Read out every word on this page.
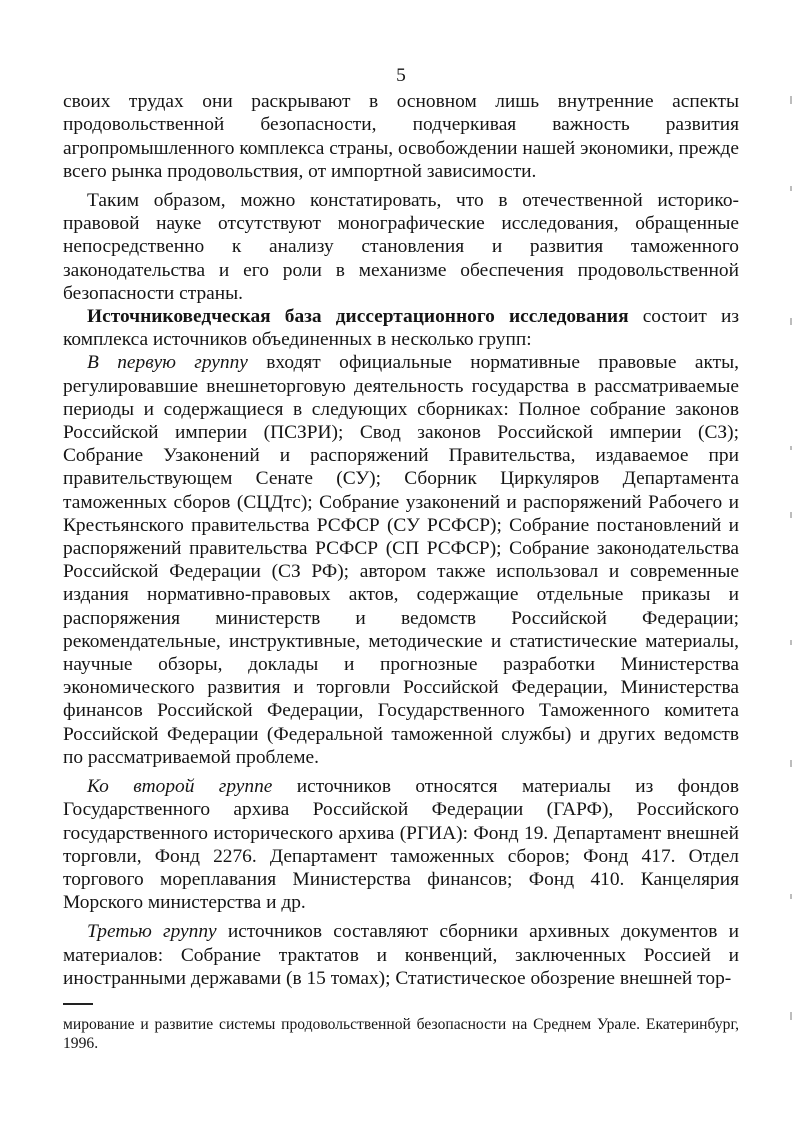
5

своих трудах они раскрывают в основном лишь внутренние аспекты продовольственной безопасности, подчеркивая важность развития агропромышленного комплекса страны, освобождении нашей экономики, прежде всего рынка продовольствия, от импортной зависимости.

Таким образом, можно констатировать, что в отечественной историко-правовой науке отсутствуют монографические исследования, обращенные непосредственно к анализу становления и развития таможенного законодательства и его роли в механизме обеспечения продовольственной безопасности страны.

Источниковедческая база диссертационного исследования состоит из комплекса источников объединенных в несколько групп:

В первую группу входят официальные нормативные правовые акты, регулировавшие внешнеторговую деятельность государства в рассматриваемые периоды и содержащиеся в следующих сборниках: Полное собрание законов Российской империи (ПСЗРИ); Свод законов Российской империи (СЗ); Собрание Узаконений и распоряжений Правительства, издаваемое при правительствующем Сенате (СУ); Сборник Циркуляров Департамента таможенных сборов (СЦДтс); Собрание узаконений и распоряжений Рабочего и Крестьянского правительства РСФСР (СУ РСФСР); Собрание постановлений и распоряжений правительства РСФСР (СП РСФСР); Собрание законодательства Российской Федерации (СЗ РФ); автором также использовал и современные издания нормативно-правовых актов, содержащие отдельные приказы и распоряжения министерств и ведомств Российской Федерации; рекомендательные, инструктивные, методические и статистические материалы, научные обзоры, доклады и прогнозные разработки Министерства экономического развития и торговли Российской Федерации, Министерства финансов Российской Федерации, Государственного Таможенного комитета Российской Федерации (Федеральной таможенной службы) и других ведомств по рассматриваемой проблеме.

Ко второй группе источников относятся материалы из фондов Государственного архива Российской Федерации (ГАРФ), Российского государственного исторического архива (РГИА): Фонд 19. Департамент внешней торговли, Фонд 2276. Департамент таможенных сборов; Фонд 417. Отдел торгового мореплавания Министерства финансов; Фонд 410. Канцелярия Морского министерства и др.

Третью группу источников составляют сборники архивных документов и материалов: Собрание трактатов и конвенций, заключенных Россией и иностранными державами (в 15 томах); Статистическое обозрение внешней тор-

мирование и развитие системы продовольственной безопасности на Среднем Урале. Екатеринбург, 1996.
